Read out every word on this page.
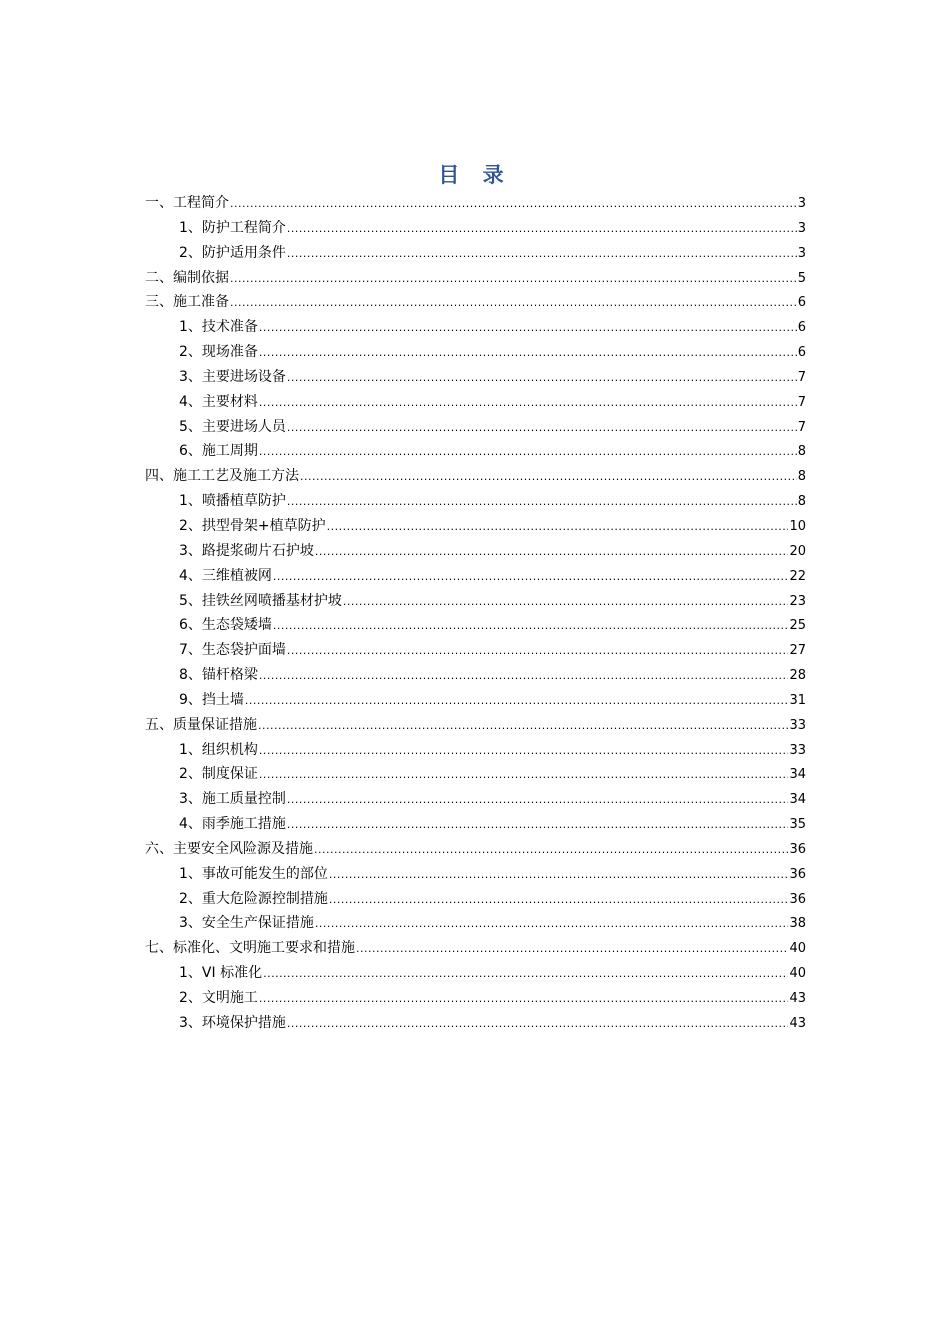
目 录
一、工程简介 .....	3
1、防护工程简介 .....	3
2、防护适用条件 .....	3
二、编制依据 .....	5
三、施工准备 .....	6
1、技术准备 .....	6
2、现场准备 .....	6
3、主要进场设备 .....	7
4、主要材料 .....	7
5、主要进场人员 .....	7
6、施工周期 .....	8
四、施工工艺及施工方法 .....	8
1、喷播植草防护 .....	8
2、拱型骨架+植草防护 .....	10
3、路提浆砌片石护坡 .....	20
4、三维植被网 .....	22
5、挂铁丝网喷播基材护坡 .....	23
6、生态袋矮墙 .....	25
7、生态袋护面墙 .....	27
8、锚杆格梁 .....	28
9、挡土墙 .....	31
五、质量保证措施 .....	33
1、组织机构 .....	33
2、制度保证 .....	34
3、施工质量控制 .....	34
4、雨季施工措施 .....	35
六、主要安全风险源及措施 .....	36
1、事故可能发生的部位 .....	36
2、重大危险源控制措施 .....	36
3、安全生产保证措施 .....	38
七、标准化、文明施工要求和措施 .....	40
1、VI 标准化 .....	40
2、文明施工 .....	43
3、环境保护措施 .....	43
